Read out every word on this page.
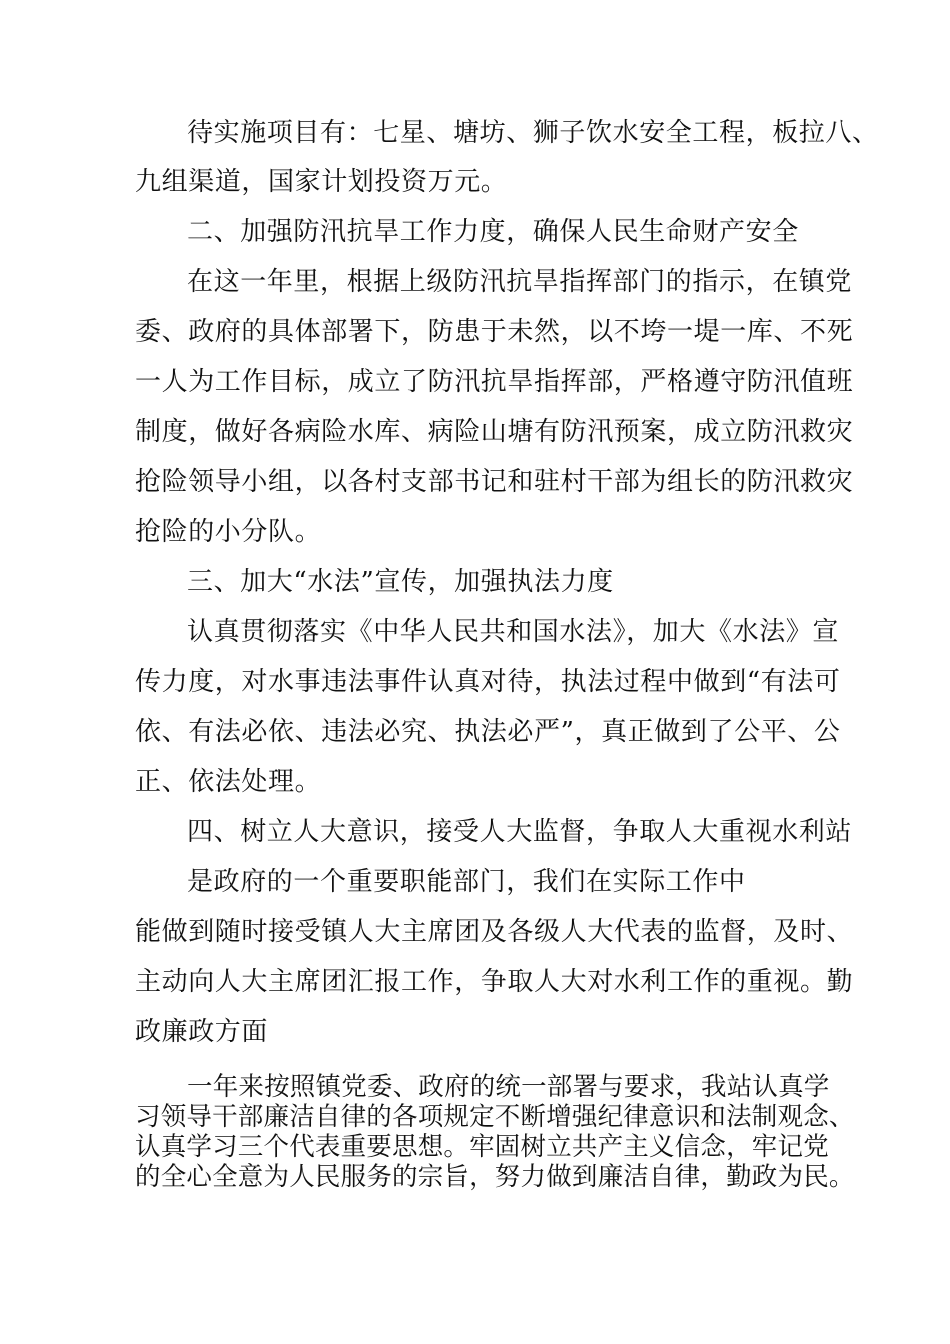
待实施项目有：七星、塘坊、狮子饮水安全工程，板拉八、
九组渠道，国家计划投资万元。
二、加强防汛抗旱工作力度，确保人民生命财产安全
在这一年里，根据上级防汛抗旱指挥部门的指示，在镇党
委、政府的具体部署下，防患于未然，以不垮一堤一库、不死
一人为工作目标，成立了防汛抗旱指挥部，严格遵守防汛值班
制度，做好各病险水库、病险山塘有防汛预案，成立防汛救灾
抢险领导小组，以各村支部书记和驻村干部为组长的防汛救灾
抢险的小分队。
三、加大“水法”宣传，加强执法力度
认真贯彻落实《中华人民共和国水法》，加大《水法》宣
传力度，对水事违法事件认真对待，执法过程中做到“有法可
依、有法必依、违法必究、执法必严”，真正做到了公平、公
正、依法处理。
四、树立人大意识，接受人大监督，争取人大重视水利站
是政府的一个重要职能部门，我们在实际工作中
能做到随时接受镇人大主席团及各级人大代表的监督，及时、
主动向人大主席团汇报工作，争取人大对水利工作的重视。勤
政廉政方面
一年来按照镇党委、政府的统一部署与要求，我站认真学
习领导干部廉洁自律的各项规定不断增强纪律意识和法制观念、
认真学习三个代表重要思想。牢固树立共产主义信念，牢记党
的全心全意为人民服务的宗旨，努力做到廉洁自律，勤政为民。
